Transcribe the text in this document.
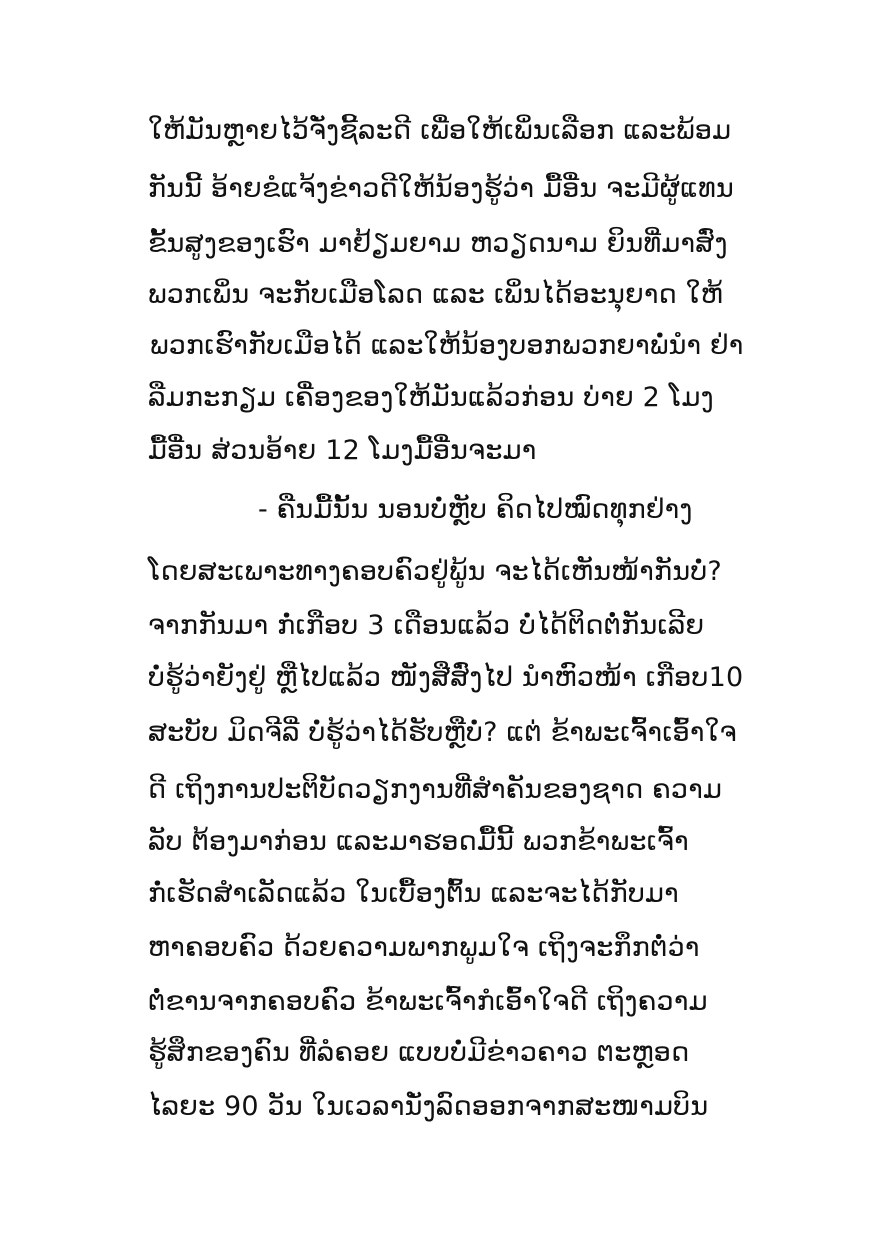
ໃຫ້ມັນຫຼາຍໄວ້ຈັ່ງຊີ້ລະດີ ເພື່ອໃຫ້ເພິ່ນເລືອກ ແລະພ້ອມ
ກັນນີ້ ອ້າຍຂໍແຈ້ງຂ່າວດີໃຫ້ນ້ອງຮູ້ວ່າ ມື້ອື່ນ ຈະມີຜູ້ແທນ
ຂັ້ນສູງຂອງເຮົາ ມາຢ້ຽມຍາມ ຫວຽດນາມ ຍິນທີ່ມາສົ່ງ
ພວກເພິ່ນ ຈະກັບເມືອໂລດ ແລະ ເພິ່ນໄດ້ອະນຸຍາດ ໃຫ້
ພວກເຮົາກັບເມືອໄດ້ ແລະໃຫ້ນ້ອງບອກພວກຍາພໍ່ນຳ ຢ່າ
ລືມກະກຽມ ເຄື່ອງຂອງໃຫ້ມັນແລ້ວກ່ອນ ບ່າຍ 2 ໂມງ
ມື້ອື່ນ ສ່ວນອ້າຍ 12 ໂມງມື້ອື່ນຈະມາ
- ຄືນມື້ນັ້ນ ນອນບໍ່ຫຼັບ ຄິດໄປໝົດທຸກຢ່າງ
ໂດຍສະເພາະທາງຄອບຄົວຢູ່ພູ້ນ ຈະໄດ້ເຫັນໜ້າກັນບໍ່?
ຈາກກັນມາ ກໍ່ເກືອບ 3 ເດືອນແລ້ວ ບໍ່ໄດ້ຕິດຕໍ່ກັນເລີຍ
ບໍ່ຮູ້ວ່າຍັງຢູ່ ຫຼືໄປແລ້ວ ໜັງສືສົ່ງໄປ ນຳຫົວໜ້າ ເກືອບ10
ສະບັບ ມິດຈີລີ່ ບໍ່ຮູ້ວ່າໄດ້ຮັບຫຼືບໍ່? ແຕ່ ຂ້າພະເຈົ້າເອົ້າໃຈ
ດີ ເຖິງການປະຕິບັດວຽກງານທີ່ສຳຄັນຂອງຊາດ ຄວາມ
ລັບ ຕ້ອງມາກ່ອນ ແລະມາຮອດມື້ນີ້ ພວກຂ້າພະເຈົ້າ
ກໍ່ເຮັດສຳເລັດແລ້ວ ໃນເບື້ອງຕົ້ນ ແລະຈະໄດ້ກັບມາ
ຫາຄອບຄົວ ດ້ວຍຄວາມພາກພູມໃຈ ເຖິງຈະກຶກຕໍ່ວ່າ
ຕໍ່ຂານຈາກຄອບຄົວ ຂ້າພະເຈົ້າກໍເອົ້າໃຈດີ ເຖິງຄວາມ
ຮູ້ສຶກຂອງຄົນ ທີ່ລໍຄອຍ ແບບບໍ່ມີຂ່າວຄາວ ຕະຫຼອດ
ໄລຍະ 90 ວັນ ໃນເວລານັ່ງລົດອອກຈາກສະໜາມບິນ
